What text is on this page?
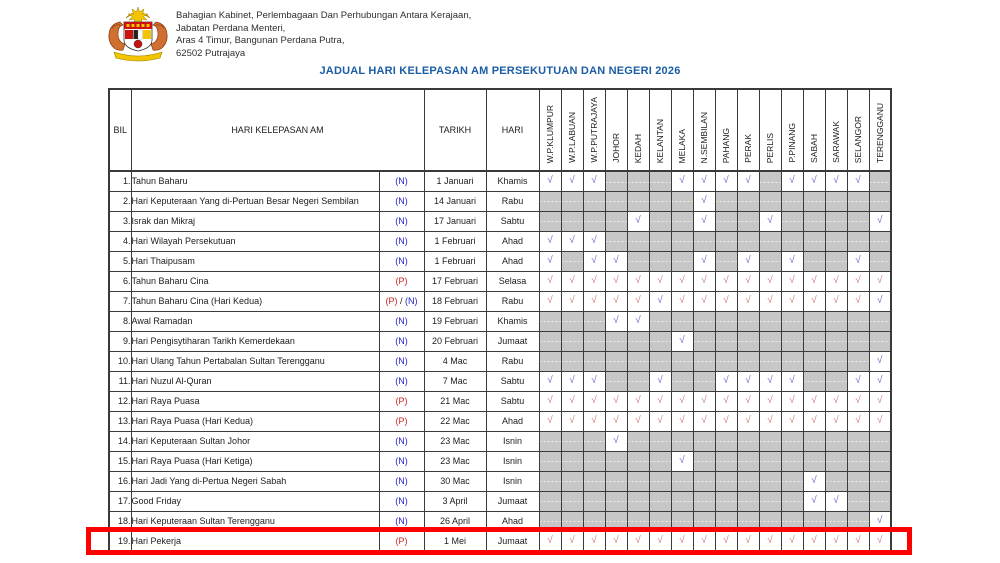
Bahagian Kabinet, Perlembagaan Dan Perhubungan Antara Kerajaan,
Jabatan Perdana Menteri,
Aras 4 Timur, Bangunan Perdana Putra,
62502 Putrajaya
JADUAL HARI KELEPASAN AM PERSEKUTUAN DAN NEGERI 2026
BIL	HARI KELEPASAN AM		TARIKH	HARI	W.P.KLUMPUR	W.P.LABUAN	W.P.PUTRAJAYA	JOHOR	KEDAH	KELANTAN	MELAKA	N.SEMBILAN	PAHANG	PERAK	PERLIS	P.PINANG	SABAH	SARAWAK	SELANGOR	TERENGGANU
1.	Tahun Baharu	(N)	1 Januari	Khamis	√	√	√				√	√	√	√		√	√	√	√	
2.	Hari Keputeraan Yang di-Pertuan Besar Negeri Sembilan	(N)	14 Januari	Rabu								√								
3.	Israk dan Mikraj	(N)	17 Januari	Sabtu					√			√			√					√
4.	Hari Wilayah Persekutuan	(N)	1 Februari	Ahad	√	√	√													
5.	Hari Thaipusam	(N)	1 Februari	Ahad	√		√	√				√		√		√			√	
6.	Tahun Baharu Cina	(P)	17 Februari	Selasa	√	√	√	√	√	√	√	√	√	√	√	√	√	√	√	√
7.	Tahun Baharu Cina (Hari Kedua)	(P) / (N)	18 Februari	Rabu	√	√	√	√	√	√	√	√	√	√	√	√	√	√	√	√
8.	Awal Ramadan	(N)	19 Februari	Khamis				√	√											
9.	Hari Pengisytiharan Tarikh Kemerdekaan	(N)	20 Februari	Jumaat							√									
10.	Hari Ulang Tahun Pertabalan Sultan Terengganu	(N)	4 Mac	Rabu																√
11.	Hari Nuzul Al-Quran	(N)	7 Mac	Sabtu	√	√	√			√			√	√	√	√			√	√
12.	Hari Raya Puasa	(P)	21 Mac	Sabtu	√	√	√	√	√	√	√	√	√	√	√	√	√	√	√	√
13.	Hari Raya Puasa (Hari Kedua)	(P)	22 Mac	Ahad	√	√	√	√	√	√	√	√	√	√	√	√	√	√	√	√
14.	Hari Keputeraan Sultan Johor	(N)	23 Mac	Isnin				√												
15.	Hari Raya Puasa (Hari Ketiga)	(N)	23 Mac	Isnin							√									
16.	Hari Jadi Yang di-Pertua Negeri Sabah	(N)	30 Mac	Isnin													√			
17.	Good Friday	(N)	3 April	Jumaat													√	√		
18.	Hari Keputeraan Sultan Terengganu	(N)	26 April	Ahad																√
19.	Hari Pekerja	(P)	1 Mei	Jumaat	√	√	√	√	√	√	√	√	√	√	√	√	√	√	√	√
